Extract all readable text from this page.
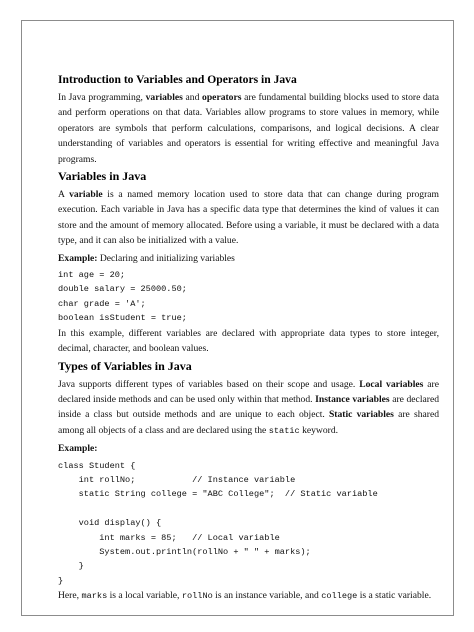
Introduction to Variables and Operators in Java

In Java programming, variables and operators are fundamental building blocks used to store data and perform operations on that data. Variables allow programs to store values in memory, while operators are symbols that perform calculations, comparisons, and logical decisions. A clear understanding of variables and operators is essential for writing effective and meaningful Java programs.

Variables in Java

A variable is a named memory location used to store data that can change during program execution. Each variable in Java has a specific data type that determines the kind of values it can store and the amount of memory allocated. Before using a variable, it must be declared with a data type, and it can also be initialized with a value.

Example: Declaring and initializing variables

int age = 20;
double salary = 25000.50;
char grade = 'A';
boolean isStudent = true;

In this example, different variables are declared with appropriate data types to store integer, decimal, character, and boolean values.

Types of Variables in Java

Java supports different types of variables based on their scope and usage. Local variables are declared inside methods and can be used only within that method. Instance variables are declared inside a class but outside methods and are unique to each object. Static variables are shared among all objects of a class and are declared using the static keyword.

Example:

class Student {
int rollNo;           // Instance variable
static String college = "ABC College";  // Static variable

void display() {
int marks = 85;   // Local variable
System.out.println(rollNo + " " + marks);
}
}

Here, marks is a local variable, rollNo is an instance variable, and college is a static variable.
